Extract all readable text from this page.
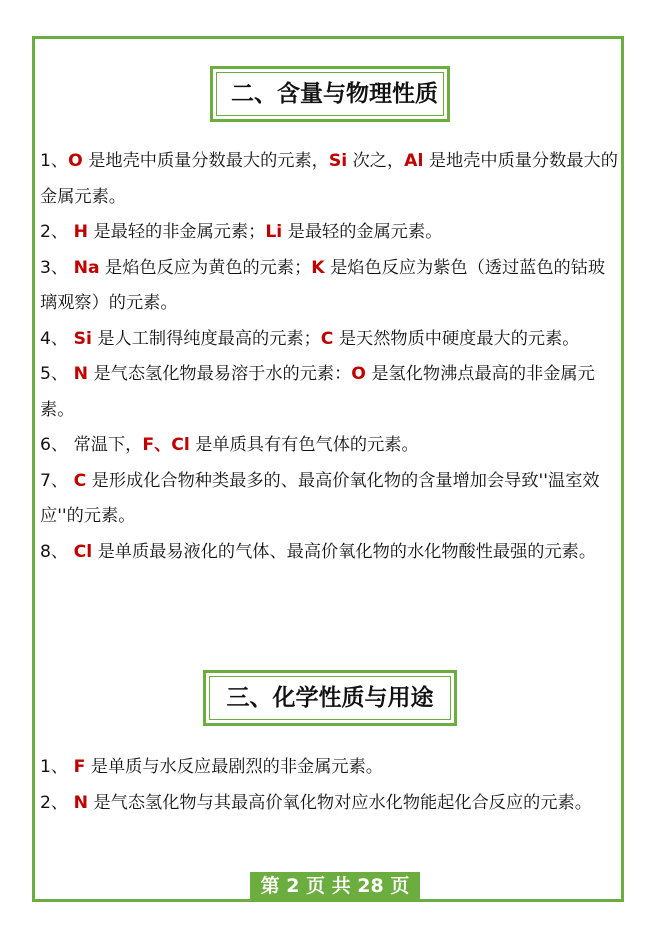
二、含量与物理性质

1、O 是地壳中质量分数最大的元素，Si 次之，Al 是地壳中质量分数最大的金属元素。

2、 H 是最轻的非金属元素；Li 是最轻的金属元素。

3、 Na 是焰色反应为黄色的元素；K 是焰色反应为紫色（透过蓝色的钴玻璃观察）的元素。

4、 Si 是人工制得纯度最高的元素；C 是天然物质中硬度最大的元素。

5、 N 是气态氢化物最易溶于水的元素：O 是氢化物沸点最高的非金属元素。

6、 常温下，F、Cl 是单质具有有色气体的元素。

7、 C 是形成化合物种类最多的、最高价氧化物的含量增加会导致''温室效应''的元素。

8、 Cl 是单质最易液化的气体、最高价氧化物的水化物酸性最强的元素。

三、化学性质与用途

1、 F 是单质与水反应最剧烈的非金属元素。

2、 N 是气态氢化物与其最高价氧化物对应水化物能起化合反应的元素。

第 2 页 共 28 页
